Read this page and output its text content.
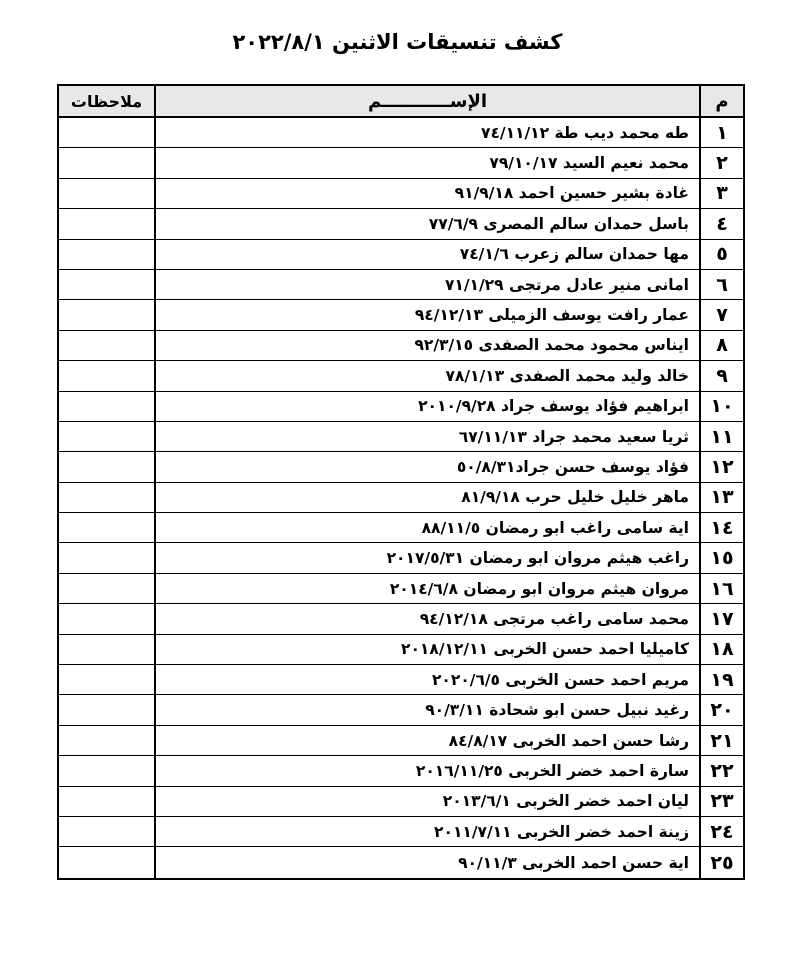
كشف تنسيقات الاثنين ٢٠٢٢/٨/١
م
الإســـــــــــم
ملاحظات
١
طه محمد ديب طة ٧٤/١١/١٢
٢
محمد نعيم السيد ٧٩/١٠/١٧
٣
غادة بشير حسين احمد ٩١/٩/١٨
٤
باسل حمدان سالم المصرى ٧٧/٦/٩
٥
مها حمدان سالم زعرب ٧٤/١/٦
٦
امانى منير عادل مرتجى ٧١/١/٢٩
٧
عمار رافت يوسف الزميلى ٩٤/١٢/١٣
٨
ايناس محمود محمد الصفدى ٩٢/٣/١٥
٩
خالد وليد محمد الصفدى ٧٨/١/١٣
١٠
ابراهيم فؤاد يوسف جراد ٢٠١٠/٩/٢٨
١١
ثريا سعيد محمد جراد ٦٧/١١/١٣
١٢
فؤاد يوسف حسن جراد٥٠/٨/٣١
١٣
ماهر خليل خليل حرب ٨١/٩/١٨
١٤
اية سامى راغب ابو رمضان ٨٨/١١/٥
١٥
راغب هيثم مروان ابو رمضان ٢٠١٧/٥/٣١
١٦
مروان هيثم مروان ابو رمضان ٢٠١٤/٦/٨
١٧
محمد سامى راغب مرتجى ٩٤/١٢/١٨
١٨
كاميليا احمد حسن الخربى ٢٠١٨/١٢/١١
١٩
مريم احمد حسن الخربى ٢٠٢٠/٦/٥
٢٠
رغيد نبيل حسن ابو شحادة ٩٠/٣/١١
٢١
رشا حسن احمد الخربى ٨٤/٨/١٧
٢٢
سارة احمد خضر الخربى ٢٠١٦/١١/٢٥
٢٣
ليان احمد خضر الخربى ٢٠١٣/٦/١
٢٤
زينة احمد خضر الخربى ٢٠١١/٧/١١
٢٥
اية حسن احمد الخربى ٩٠/١١/٣
